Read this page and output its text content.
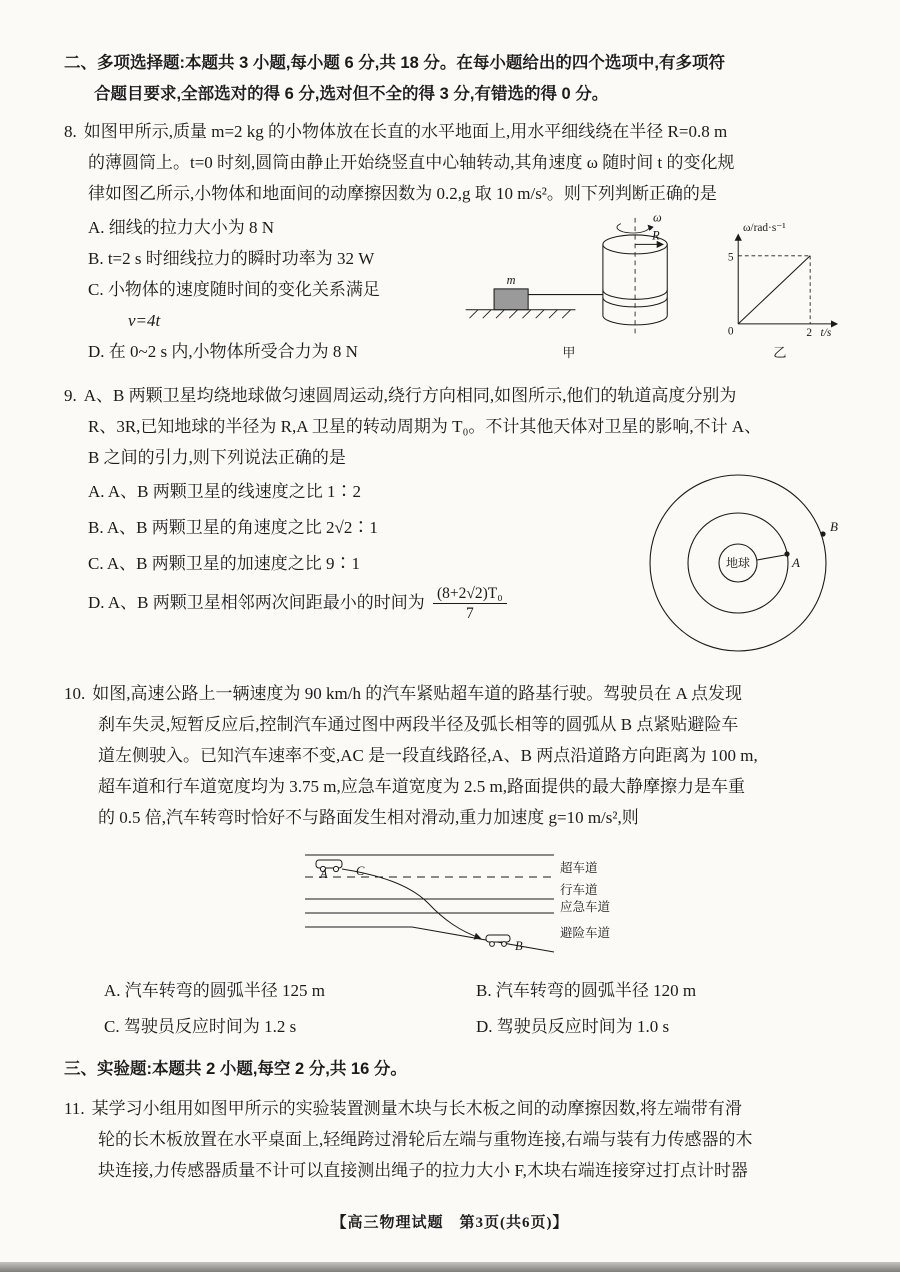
二、多项选择题:本题共 3 小题,每小题 6 分,共 18 分。在每小题给出的四个选项中,有多项符
合题目要求,全部选对的得 6 分,选对但不全的得 3 分,有错选的得 0 分。

8. 如图甲所示,质量 m=2 kg 的小物体放在长直的水平地面上,用水平细线绕在半径 R=0.8 m
的薄圆筒上。t=0 时刻,圆筒由静止开始绕竖直中心轴转动,其角速度 ω 随时间 t 的变化规
律如图乙所示,小物体和地面间的动摩擦因数为 0.2,g 取 10 m/s²。则下列判断正确的是

A. 细线的拉力大小为 8 N

B. t=2 s 时细线拉力的瞬时功率为 32 W

C. 小物体的速度随时间的变化关系满足

v=4t

D. 在 0~2 s 内,小物体所受合力为 8 N

m
R
ω
甲
ω/rad·s⁻¹
5
0	2 t/s
乙

9. A、B 两颗卫星均绕地球做匀速圆周运动,绕行方向相同,如图所示,他们的轨道高度分别为
R、3R,已知地球的半径为 R,A 卫星的转动周期为 T₀。不计其他天体对卫星的影响,不计 A、
B 之间的引力,则下列说法正确的是

A. A、B 两颗卫星的线速度之比 1∶2

B. A、B 两颗卫星的角速度之比 2√2∶1

C. A、B 两颗卫星的加速度之比 9∶1

D. A、B 两颗卫星相邻两次间距最小的时间为 $\frac{\text{(8+2√2)T₀}}{7}$

地球	A
B

10. 如图,高速公路上一辆速度为 90 km/h 的汽车紧贴超车道的路基行驶。驾驶员在 A 点发现
刹车失灵,短暂反应后,控制汽车通过图中两段半径及弧长相等的圆弧从 B 点紧贴避险车
道左侧驶入。已知汽车速率不变,AC 是一段直线路径,A、B 两点沿道路方向距离为 100 m,
超车道和行车道宽度均为 3.75 m,应急车道宽度为 2.5 m,路面提供的最大静摩擦力是车重
的 0.5 倍,汽车转弯时恰好不与路面发生相对滑动,重力加速度 g=10 m/s²,则

A C
B
超车道
行车道
应急车道
避险车道

A. 汽车转弯的圆弧半径 125 m	B. 汽车转弯的圆弧半径 120 m

C. 驾驶员反应时间为 1.2 s	D. 驾驶员反应时间为 1.0 s

三、实验题:本题共 2 小题,每空 2 分,共 16 分。

11. 某学习小组用如图甲所示的实验装置测量木块与长木板之间的动摩擦因数,将左端带有滑
轮的长木板放置在水平桌面上,轻绳跨过滑轮后左端与重物连接,右端与装有力传感器的木
块连接,力传感器质量不计可以直接测出绳子的拉力大小 F,木块右端连接穿过打点计时器

【高三物理试题　第3页(共6页)】
